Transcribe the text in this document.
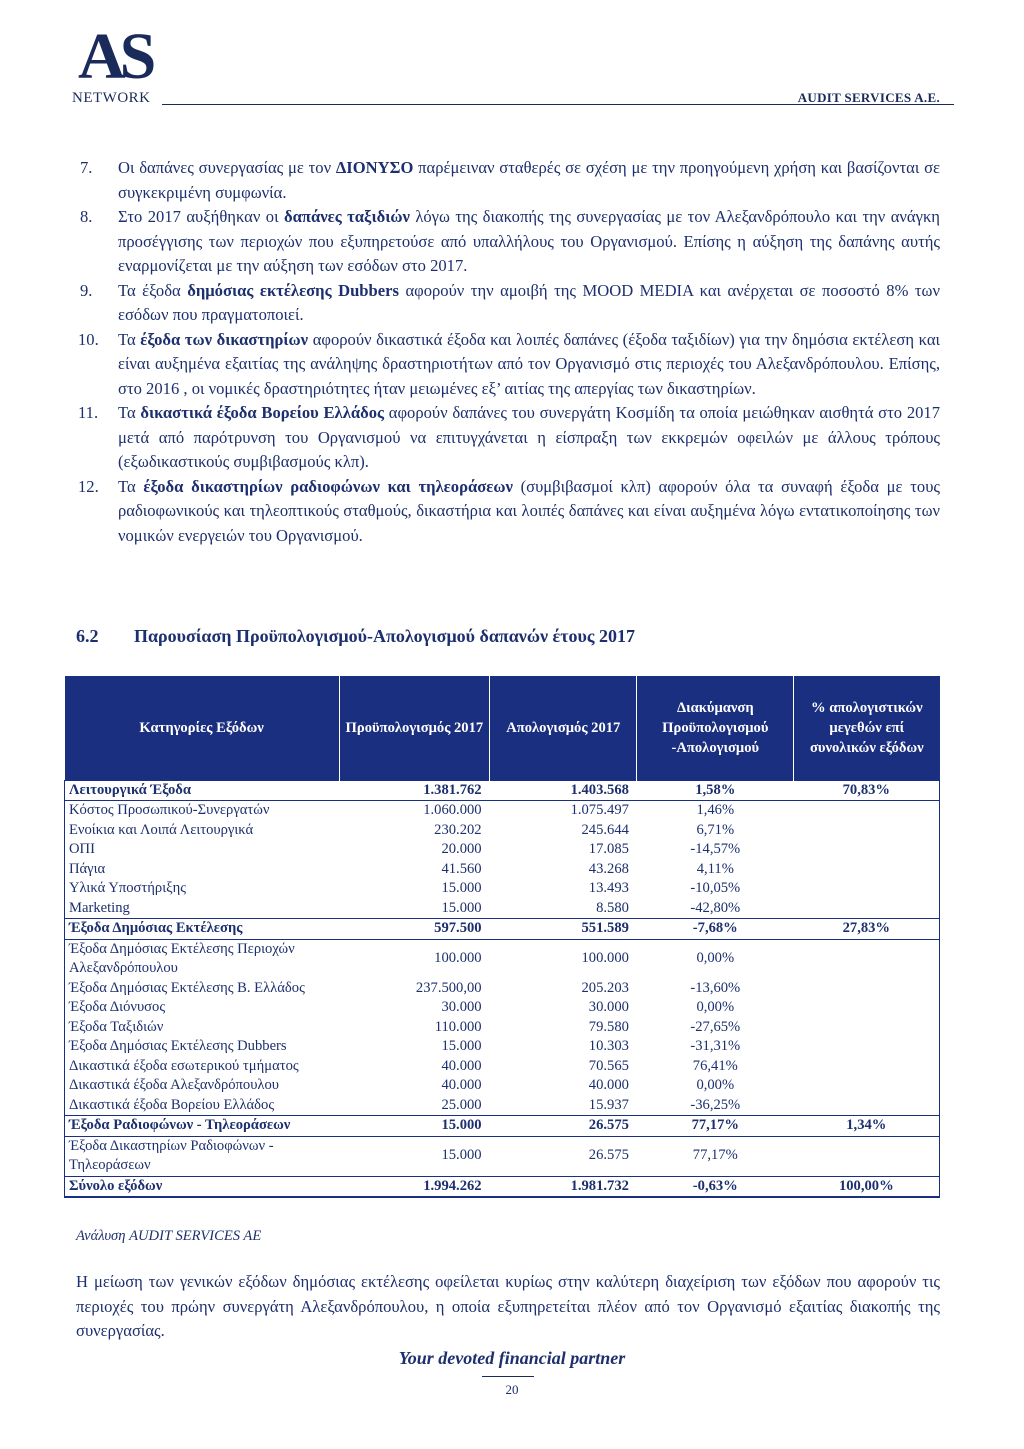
AS
NETWORK	AUDIT SERVICES A.E.
7. Οι δαπάνες συνεργασίας με τον ΔΙΟΝΥΣΟ παρέμειναν σταθερές σε σχέση με την προηγούμενη χρήση και βασίζονται σε συγκεκριμένη συμφωνία.
8. Στο 2017 αυξήθηκαν οι δαπάνες ταξιδιών λόγω της διακοπής της συνεργασίας με τον Αλεξανδρόπουλο και την ανάγκη προσέγγισης των περιοχών που εξυπηρετούσε από υπαλλήλους του Οργανισμού. Επίσης η αύξηση της δαπάνης αυτής εναρμονίζεται με την αύξηση των εσόδων στο 2017.
9. Τα έξοδα δημόσιας εκτέλεσης Dubbers αφορούν την αμοιβή της MOOD MEDIA και ανέρχεται σε ποσοστό 8% των εσόδων που πραγματοποιεί.
10. Τα έξοδα των δικαστηρίων αφορούν δικαστικά έξοδα και λοιπές δαπάνες (έξοδα ταξιδίων) για την δημόσια εκτέλεση και είναι αυξημένα εξαιτίας της ανάληψης δραστηριοτήτων από τον Οργανισμό στις περιοχές του Αλεξανδρόπουλου. Επίσης, στο 2016 , οι νομικές δραστηριότητες ήταν μειωμένες εξ’ αιτίας της απεργίας των δικαστηρίων.
11. Τα δικαστικά έξοδα Βορείου Ελλάδος αφορούν δαπάνες του συνεργάτη Κοσμίδη τα οποία μειώθηκαν αισθητά στο 2017 μετά από παρότρυνση του Οργανισμού να επιτυγχάνεται η είσπραξη των εκκρεμών οφειλών με άλλους τρόπους (εξωδικαστικούς συμβιβασμούς κλπ).
12. Τα έξοδα δικαστηρίων ραδιοφώνων και τηλεοράσεων (συμβιβασμοί κλπ) αφορούν όλα τα συναφή έξοδα με τους ραδιοφωνικούς και τηλεοπτικούς σταθμούς, δικαστήρια και λοιπές δαπάνες και είναι αυξημένα λόγω εντατικοποίησης των νομικών ενεργειών του Οργανισμού.
6.2 Παρουσίαση Προϋπολογισμού-Απολογισμού δαπανών έτους 2017
Κατηγορίες Εξόδων	Προϋπολογισμός 2017	Απολογισμός 2017	Διακύμανση Προϋπολογισμού -Απολογισμού	% απολογιστικών μεγεθών επί συνολικών εξόδων
Λειτουργικά Έξοδα	1.381.762	1.403.568	1,58%	70,83%
Κόστος Προσωπικού-Συνεργατών	1.060.000	1.075.497	1,46%	
Ενοίκια και Λοιπά Λειτουργικά	230.202	245.644	6,71%	
ΟΠΙ	20.000	17.085	-14,57%	
Πάγια	41.560	43.268	4,11%	
Υλικά Υποστήριξης	15.000	13.493	-10,05%	
Marketing	15.000	8.580	-42,80%	
Έξοδα Δημόσιας Εκτέλεσης	597.500	551.589	-7,68%	27,83%
Έξοδα Δημόσιας Εκτέλεσης Περιοχών Αλεξανδρόπουλου	100.000	100.000	0,00%	
Έξοδα Δημόσιας Εκτέλεσης Β. Ελλάδος	237.500,00	205.203	-13,60%	
Έξοδα Διόνυσος	30.000	30.000	0,00%	
Έξοδα Ταξιδιών	110.000	79.580	-27,65%	
Έξοδα Δημόσιας Εκτέλεσης Dubbers	15.000	10.303	-31,31%	
Δικαστικά έξοδα εσωτερικού τμήματος	40.000	70.565	76,41%	
Δικαστικά έξοδα Αλεξανδρόπουλου	40.000	40.000	0,00%	
Δικαστικά έξοδα Βορείου Ελλάδος	25.000	15.937	-36,25%	
Έξοδα Ραδιοφώνων - Τηλεοράσεων	15.000	26.575	77,17%	1,34%
Έξοδα Δικαστηρίων Ραδιοφώνων - Τηλεοράσεων	15.000	26.575	77,17%	
Σύνολο εξόδων	1.994.262	1.981.732	-0,63%	100,00%
Ανάλυση AUDIT SERVICES AE

Η μείωση των γενικών εξόδων δημόσιας εκτέλεσης οφείλεται κυρίως στην καλύτερη διαχείριση των εξόδων που αφορούν τις περιοχές του πρώην συνεργάτη Αλεξανδρόπουλου, η οποία εξυπηρετείται πλέον από τον Οργανισμό εξαιτίας διακοπής της συνεργασίας.

Your devoted financial partner
20
